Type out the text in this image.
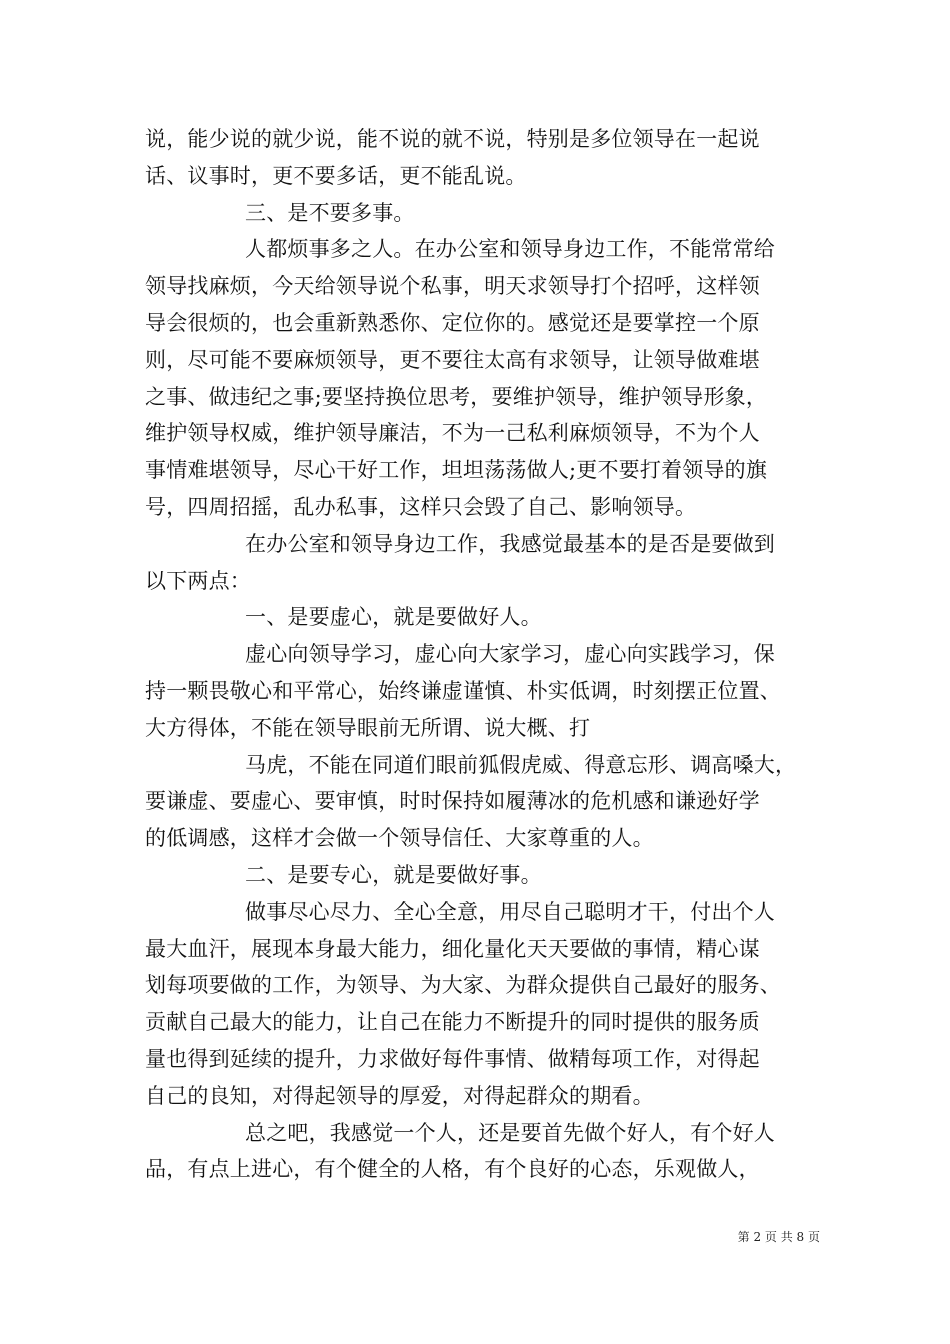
说，能少说的就少说，能不说的就不说，特别是多位领导在一起说
话、议事时，更不要多话，更不能乱说。
三、是不要多事。
人都烦事多之人。在办公室和领导身边工作，不能常常给
领导找麻烦，今天给领导说个私事，明天求领导打个招呼，这样领
导会很烦的，也会重新熟悉你、定位你的。感觉还是要掌控一个原
则，尽可能不要麻烦领导，更不要往太高有求领导，让领导做难堪
之事、做违纪之事;要坚持换位思考，要维护领导，维护领导形象，
维护领导权威，维护领导廉洁，不为一己私利麻烦领导，不为个人
事情难堪领导，尽心干好工作，坦坦荡荡做人;更不要打着领导的旗
号，四周招摇，乱办私事，这样只会毁了自己、影响领导。
在办公室和领导身边工作，我感觉最基本的是否是要做到
以下两点：
一、是要虚心，就是要做好人。
虚心向领导学习，虚心向大家学习，虚心向实践学习，保
持一颗畏敬心和平常心，始终谦虚谨慎、朴实低调，时刻摆正位置、
大方得体，不能在领导眼前无所谓、说大概、打
马虎，不能在同道们眼前狐假虎威、得意忘形、调高嗓大，
要谦虚、要虚心、要审慎，时时保持如履薄冰的危机感和谦逊好学
的低调感，这样才会做一个领导信任、大家尊重的人。
二、是要专心，就是要做好事。
做事尽心尽力、全心全意，用尽自己聪明才干，付出个人
最大血汗，展现本身最大能力，细化量化天天要做的事情，精心谋
划每项要做的工作，为领导、为大家、为群众提供自己最好的服务、
贡献自己最大的能力，让自己在能力不断提升的同时提供的服务质
量也得到延续的提升，力求做好每件事情、做精每项工作，对得起
自己的良知，对得起领导的厚爱，对得起群众的期看。
总之吧，我感觉一个人，还是要首先做个好人，有个好人
品，有点上进心，有个健全的人格，有个良好的心态，乐观做人，
第 2 页 共 8 页
